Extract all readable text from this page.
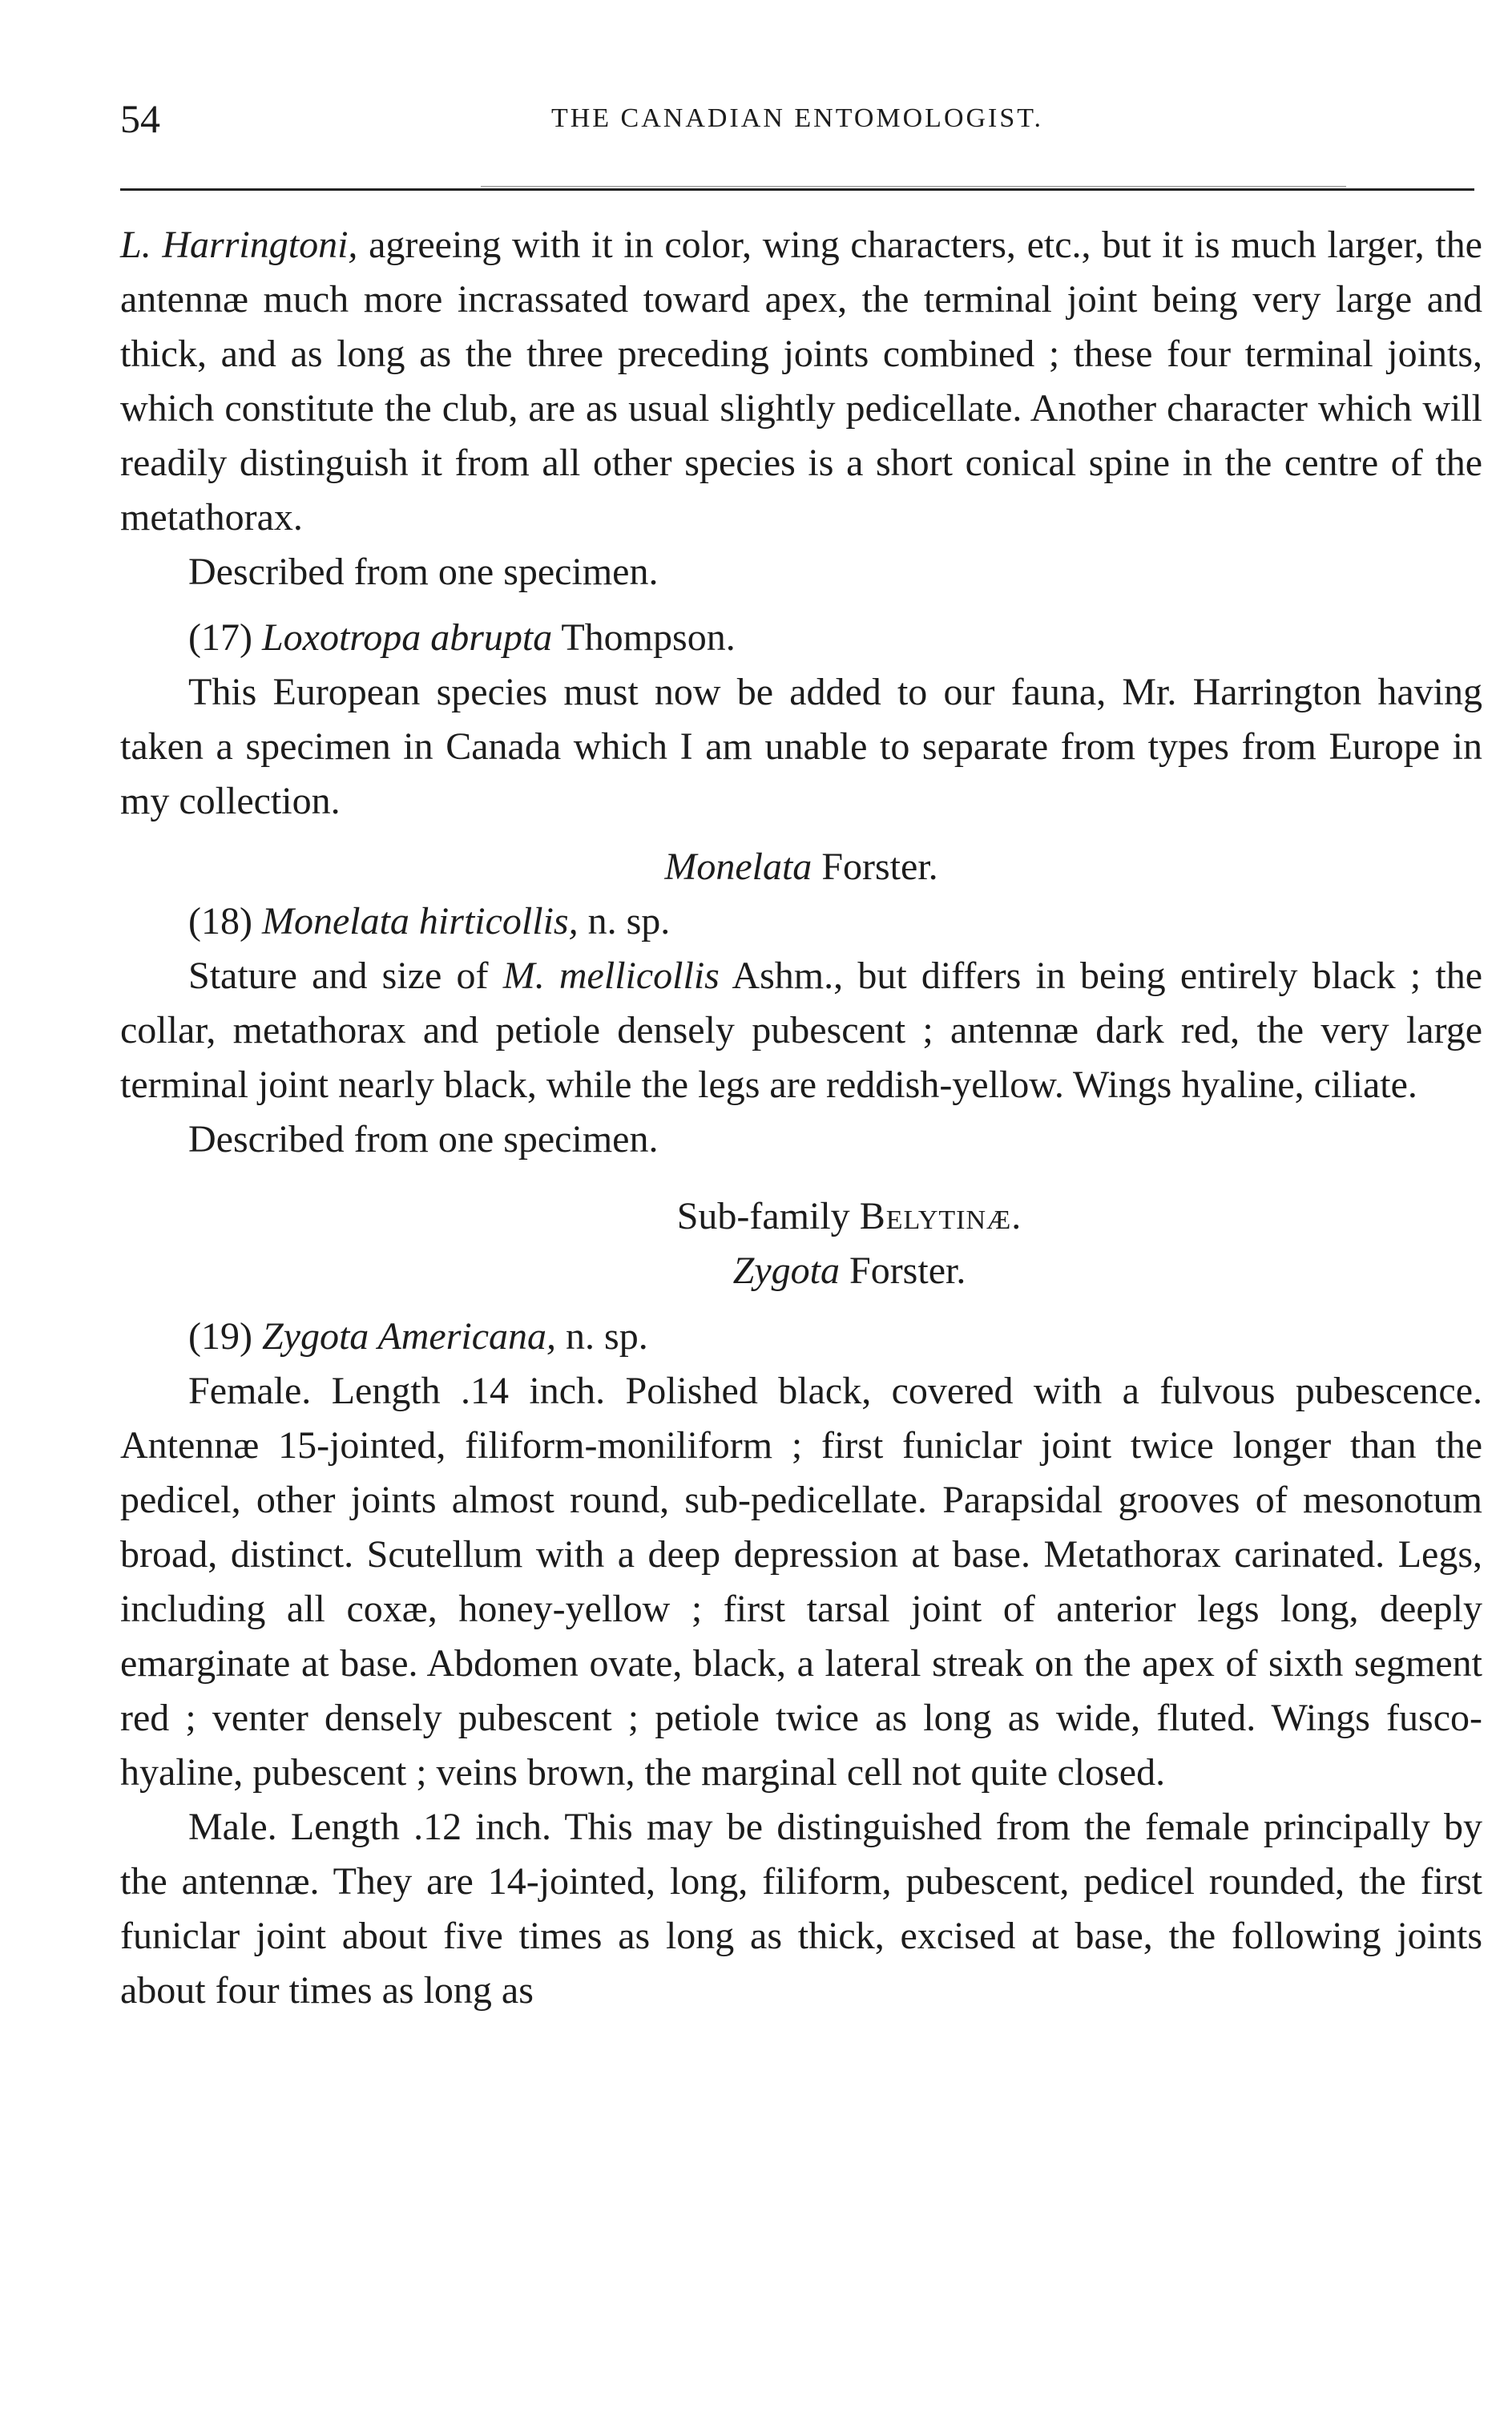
54	THE CANADIAN ENTOMOLOGIST.

L. Harringtoni, agreeing with it in color, wing characters, etc., but it is much larger, the antennæ much more incrassated toward apex, the terminal joint being very large and thick, and as long as the three preceding joints combined ; these four terminal joints, which constitute the club, are as usual slightly pedicellate. Another character which will readily distinguish it from all other species is a short conical spine in the centre of the metathorax.

Described from one specimen.

(17) Loxotropa abrupta Thompson.

This European species must now be added to our fauna, Mr. Harrington having taken a specimen in Canada which I am unable to separate from types from Europe in my collection.

Monelata Forster.

(18) Monelata hirticollis, n. sp.

Stature and size of M. mellicollis Ashm., but differs in being entirely black ; the collar, metathorax and petiole densely pubescent ; antennæ dark red, the very large terminal joint nearly black, while the legs are reddish-yellow. Wings hyaline, ciliate.

Described from one specimen.

Sub-family Belytinæ.

Zygota Forster.

(19) Zygota Americana, n. sp.

Female. Length .14 inch. Polished black, covered with a fulvous pubescence. Antennæ 15-jointed, filiform-moniliform ; first funiclar joint twice longer than the pedicel, other joints almost round, sub-pedicellate. Parapsidal grooves of mesonotum broad, distinct. Scutellum with a deep depression at base. Metathorax carinated. Legs, including all coxæ, honey-yellow ; first tarsal joint of anterior legs long, deeply emarginate at base. Abdomen ovate, black, a lateral streak on the apex of sixth segment red ; venter densely pubescent ; petiole twice as long as wide, fluted. Wings fusco-hyaline, pubescent ; veins brown, the marginal cell not quite closed.

Male. Length .12 inch. This may be distinguished from the female principally by the antennæ. They are 14-jointed, long, filiform, pubescent, pedicel rounded, the first funiclar joint about five times as long as thick, excised at base, the following joints about four times as long as
